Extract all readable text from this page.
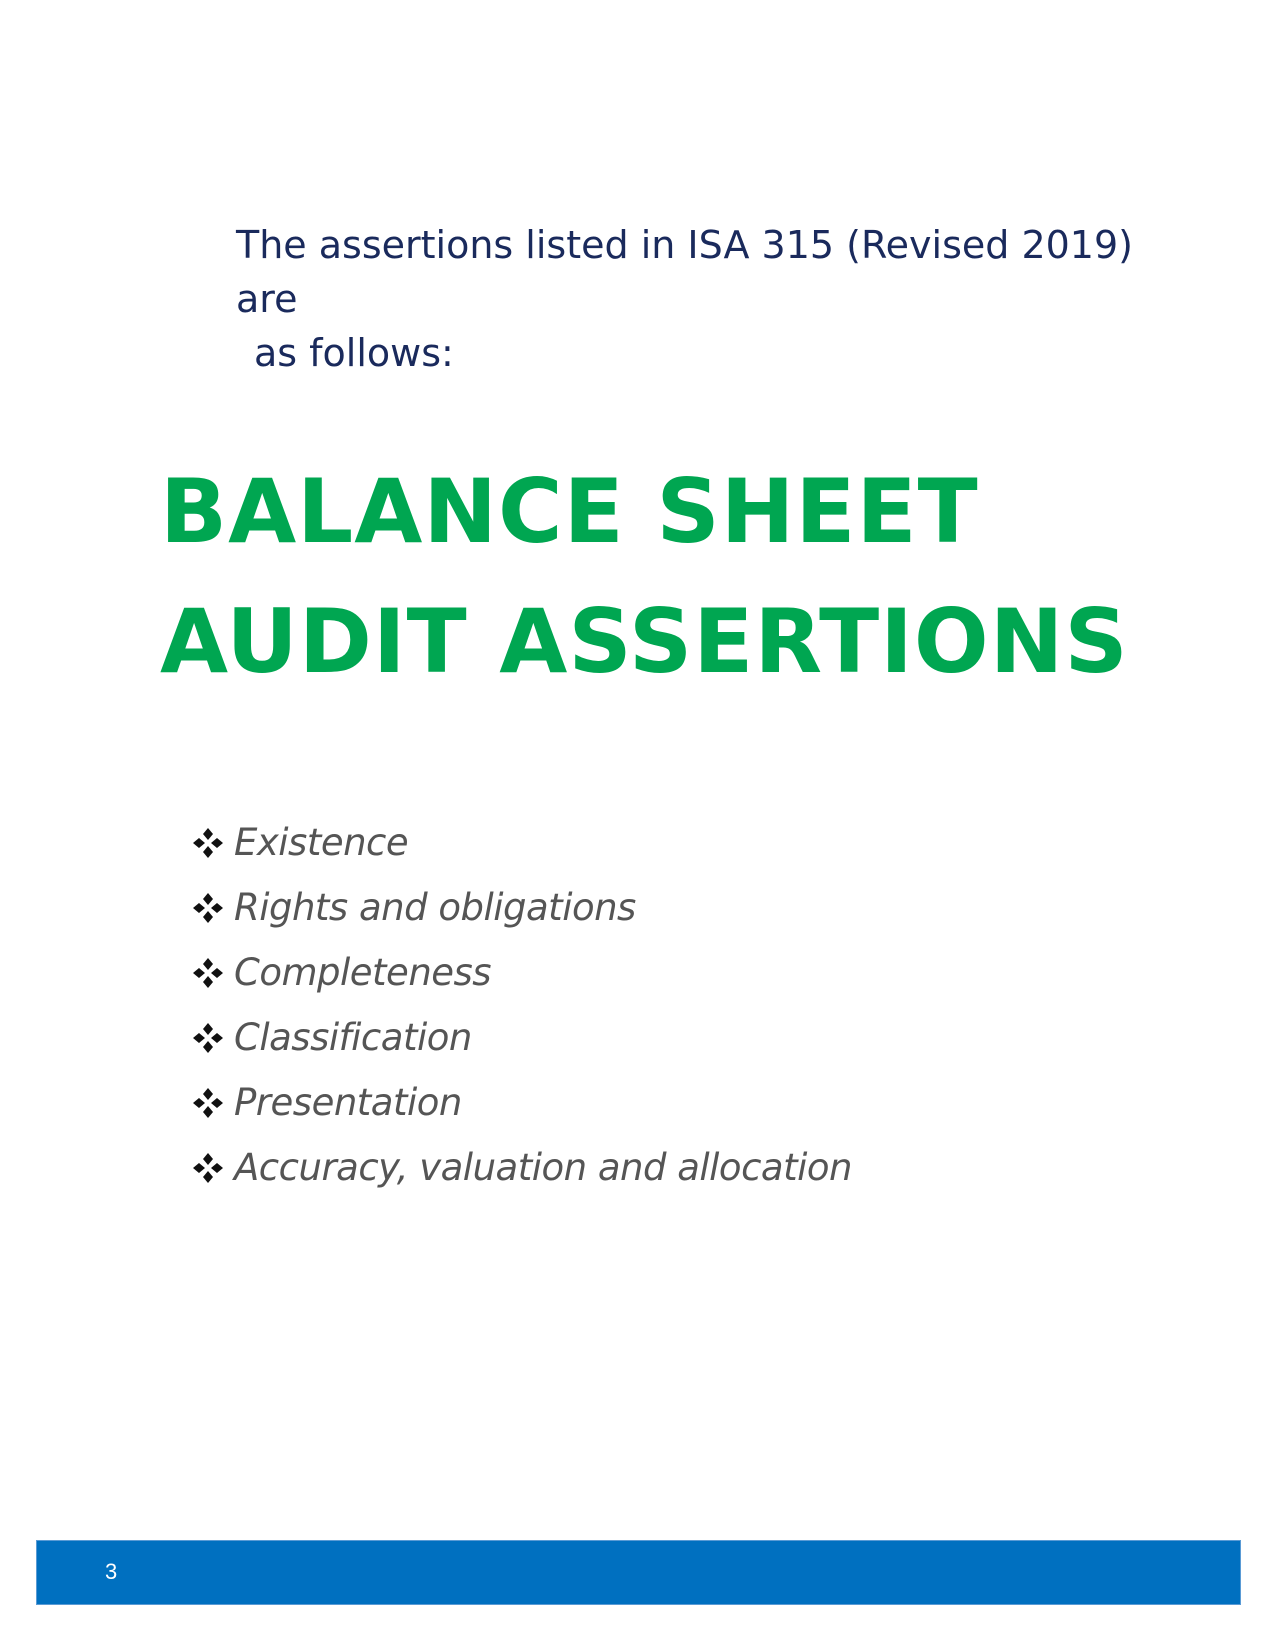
The assertions listed in ISA 315 (Revised 2019) are
as follows:

BALANCE SHEET
AUDIT ASSERTIONS
Existence
Rights and obligations
Completeness
Classification
Presentation
Accuracy, valuation and allocation
3
